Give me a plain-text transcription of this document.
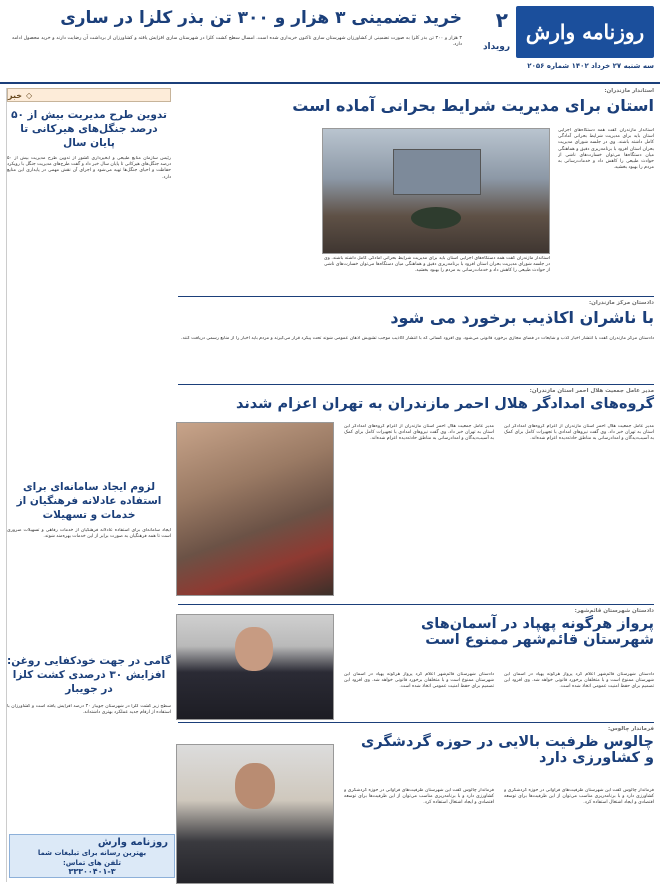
روزنامه وارش
سه شنبه ۲۷ خرداد ۱۴۰۲ شماره ۲۰۵۶
۲
رویداد
خرید تضمینی ۳ هزار و ۳۰۰ تن بذر کلزا در ساری
۳ هزار و ۳۰۰ تن بذر کلزا به صورت تضمینی از کشاورزان شهرستان ساری تاکنون خریداری شده است. امسال سطح کشت کلزا در شهرستان ساری افزایش یافته و کشاورزان از برداشت آن رضایت دارند و خرید محصول ادامه دارد.
◇
خبر
تدوین طرح مدیریت بیش از ۵۰ درصد جنگل‌های هیرکانی تا پایان سال
رئیس سازمان منابع طبیعی و آبخیزداری کشور از تدوین طرح مدیریت بیش از ۵۰ درصد جنگل‌های هیرکانی تا پایان سال خبر داد و گفت طرح‌های مدیریت جنگل با رویکرد حفاظت و احیای جنگل‌ها تهیه می‌شود و اجرای آن نقش مهمی در پایداری این منابع دارد.
لزوم ایجاد سامانه‌ای برای استفاده عادلانه فرهنگیان از خدمات و تسهیلات
ایجاد سامانه‌ای برای استفاده عادلانه فرهنگیان از خدمات رفاهی و تسهیلات ضروری است تا همه فرهنگیان به صورت برابر از این خدمات بهره‌مند شوند.
گامی در جهت خودکفایی روغن: افزایش ۳۰ درصدی کشت کلزا در جویبار
سطح زیر کشت کلزا در شهرستان جویبار ۳۰ درصد افزایش یافته است و کشاورزان با استفاده از ارقام جدید عملکرد بهتری داشته‌اند.
روزنامه وارش
بهترین رسانه برای تبلیغات شما
تلفن های تماس:
۳۳۳۰۰۴۰۱-۳
استاندار مازندران:
استان برای مدیریت شرایط بحرانی آماده است
استاندار مازندران گفت همه دستگاه‌های اجرایی استان باید برای مدیریت شرایط بحرانی آمادگی کامل داشته باشند. وی در جلسه شورای مدیریت بحران استان افزود با برنامه‌ریزی دقیق و هماهنگی میان دستگاه‌ها می‌توان خسارت‌های ناشی از حوادث طبیعی را کاهش داد و خدمات‌رسانی به مردم را بهبود بخشید.
استاندار مازندران گفت همه دستگاه‌های اجرایی استان باید برای مدیریت شرایط بحرانی آمادگی کامل داشته باشند. وی در جلسه شورای مدیریت بحران استان افزود با برنامه‌ریزی دقیق و هماهنگی میان دستگاه‌ها می‌توان خسارت‌های ناشی از حوادث طبیعی را کاهش داد و خدمات‌رسانی به مردم را بهبود بخشید.
دادستان مرکز مازندران:
با ناشران اکاذیب برخورد می شود
دادستان مرکز مازندران گفت با انتشار اخبار کذب و شایعات در فضای مجازی برخورد قانونی می‌شود. وی افزود کسانی که با انتشار اکاذیب موجب تشویش اذهان عمومی شوند تحت پیگرد قرار می‌گیرند و مردم باید اخبار را از منابع رسمی دریافت کنند.
مدیر عامل جمعیت هلال احمر استان مازندران:
گروه‌های امدادگر هلال احمر مازندران به تهران اعزام شدند
مدیر عامل جمعیت هلال احمر استان مازندران از اعزام گروه‌های امدادگر این استان به تهران خبر داد. وی گفت نیروهای امدادی با تجهیزات کامل برای کمک به آسیب‌دیدگان و امدادرسانی به مناطق حادثه‌دیده اعزام شده‌اند.
مدیر عامل جمعیت هلال احمر استان مازندران از اعزام گروه‌های امدادگر این استان به تهران خبر داد. وی گفت نیروهای امدادی با تجهیزات کامل برای کمک به آسیب‌دیدگان و امدادرسانی به مناطق حادثه‌دیده اعزام شده‌اند.
دادستان شهرستان قائم‌شهر:
پرواز هرگونه پهپاد در آسمان‌های شهرستان قائم‌شهر ممنوع است
دادستان شهرستان قائم‌شهر اعلام کرد پرواز هرگونه پهپاد در آسمان این شهرستان ممنوع است و با متخلفان برخورد قانونی خواهد شد. وی افزود این تصمیم برای حفظ امنیت عمومی اتخاذ شده است.
دادستان شهرستان قائم‌شهر اعلام کرد پرواز هرگونه پهپاد در آسمان این شهرستان ممنوع است و با متخلفان برخورد قانونی خواهد شد. وی افزود این تصمیم برای حفظ امنیت عمومی اتخاذ شده است.
فرماندار چالوس:
چالوس ظرفیت بالایی در حوزه گردشگری و کشاورزی دارد
فرماندار چالوس گفت این شهرستان ظرفیت‌های فراوانی در حوزه گردشگری و کشاورزی دارد و با برنامه‌ریزی مناسب می‌توان از این ظرفیت‌ها برای توسعه اقتصادی و ایجاد اشتغال استفاده کرد.
فرماندار چالوس گفت این شهرستان ظرفیت‌های فراوانی در حوزه گردشگری و کشاورزی دارد و با برنامه‌ریزی مناسب می‌توان از این ظرفیت‌ها برای توسعه اقتصادی و ایجاد اشتغال استفاده کرد.
